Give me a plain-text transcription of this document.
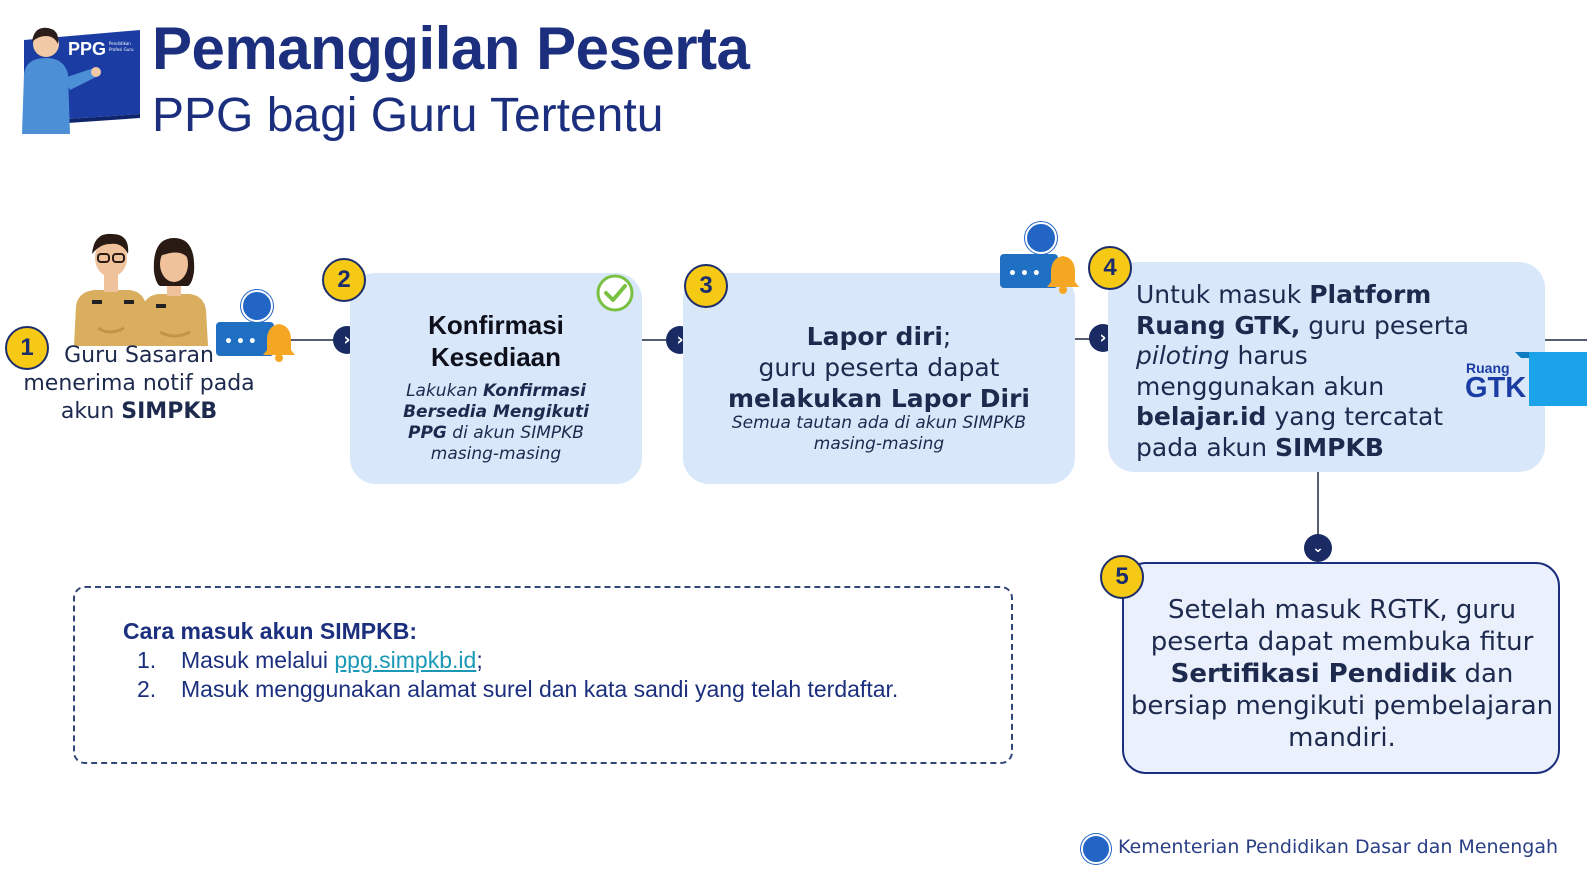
PPG Pendidikan Profesi Guru Pemanggilan Peserta
PPG bagi Guru Tertentu
•••
1	Guru Sasaran menerima notif pada akun SIMPKB
›	Konfirmasi Kesediaan
Lakukan Konfirmasi Bersedia Mengikuti PPG di akun SIMPKB masing-masing
2
›	Lapor diri;
guru peserta dapat
melakukan Lapor Diri
Semua tautan ada di akun SIMPKB masing-masing
3	•••
›
Untuk masuk Platform Ruang GTK, guru peserta piloting harus menggunakan akun belajar.id yang tercatat pada akun SIMPKB
4
Ruang
GTK
⌄
Setelah masuk RGTK, guru peserta dapat membuka fitur Sertifikasi Pendidik dan bersiap mengikuti pembelajaran mandiri.
5
Cara masuk akun SIMPKB:
1. Masuk melalui ppg.simpkb.id;
2. Masuk menggunakan alamat surel dan kata sandi yang telah terdaftar.
Kementerian Pendidikan Dasar dan Menengah
